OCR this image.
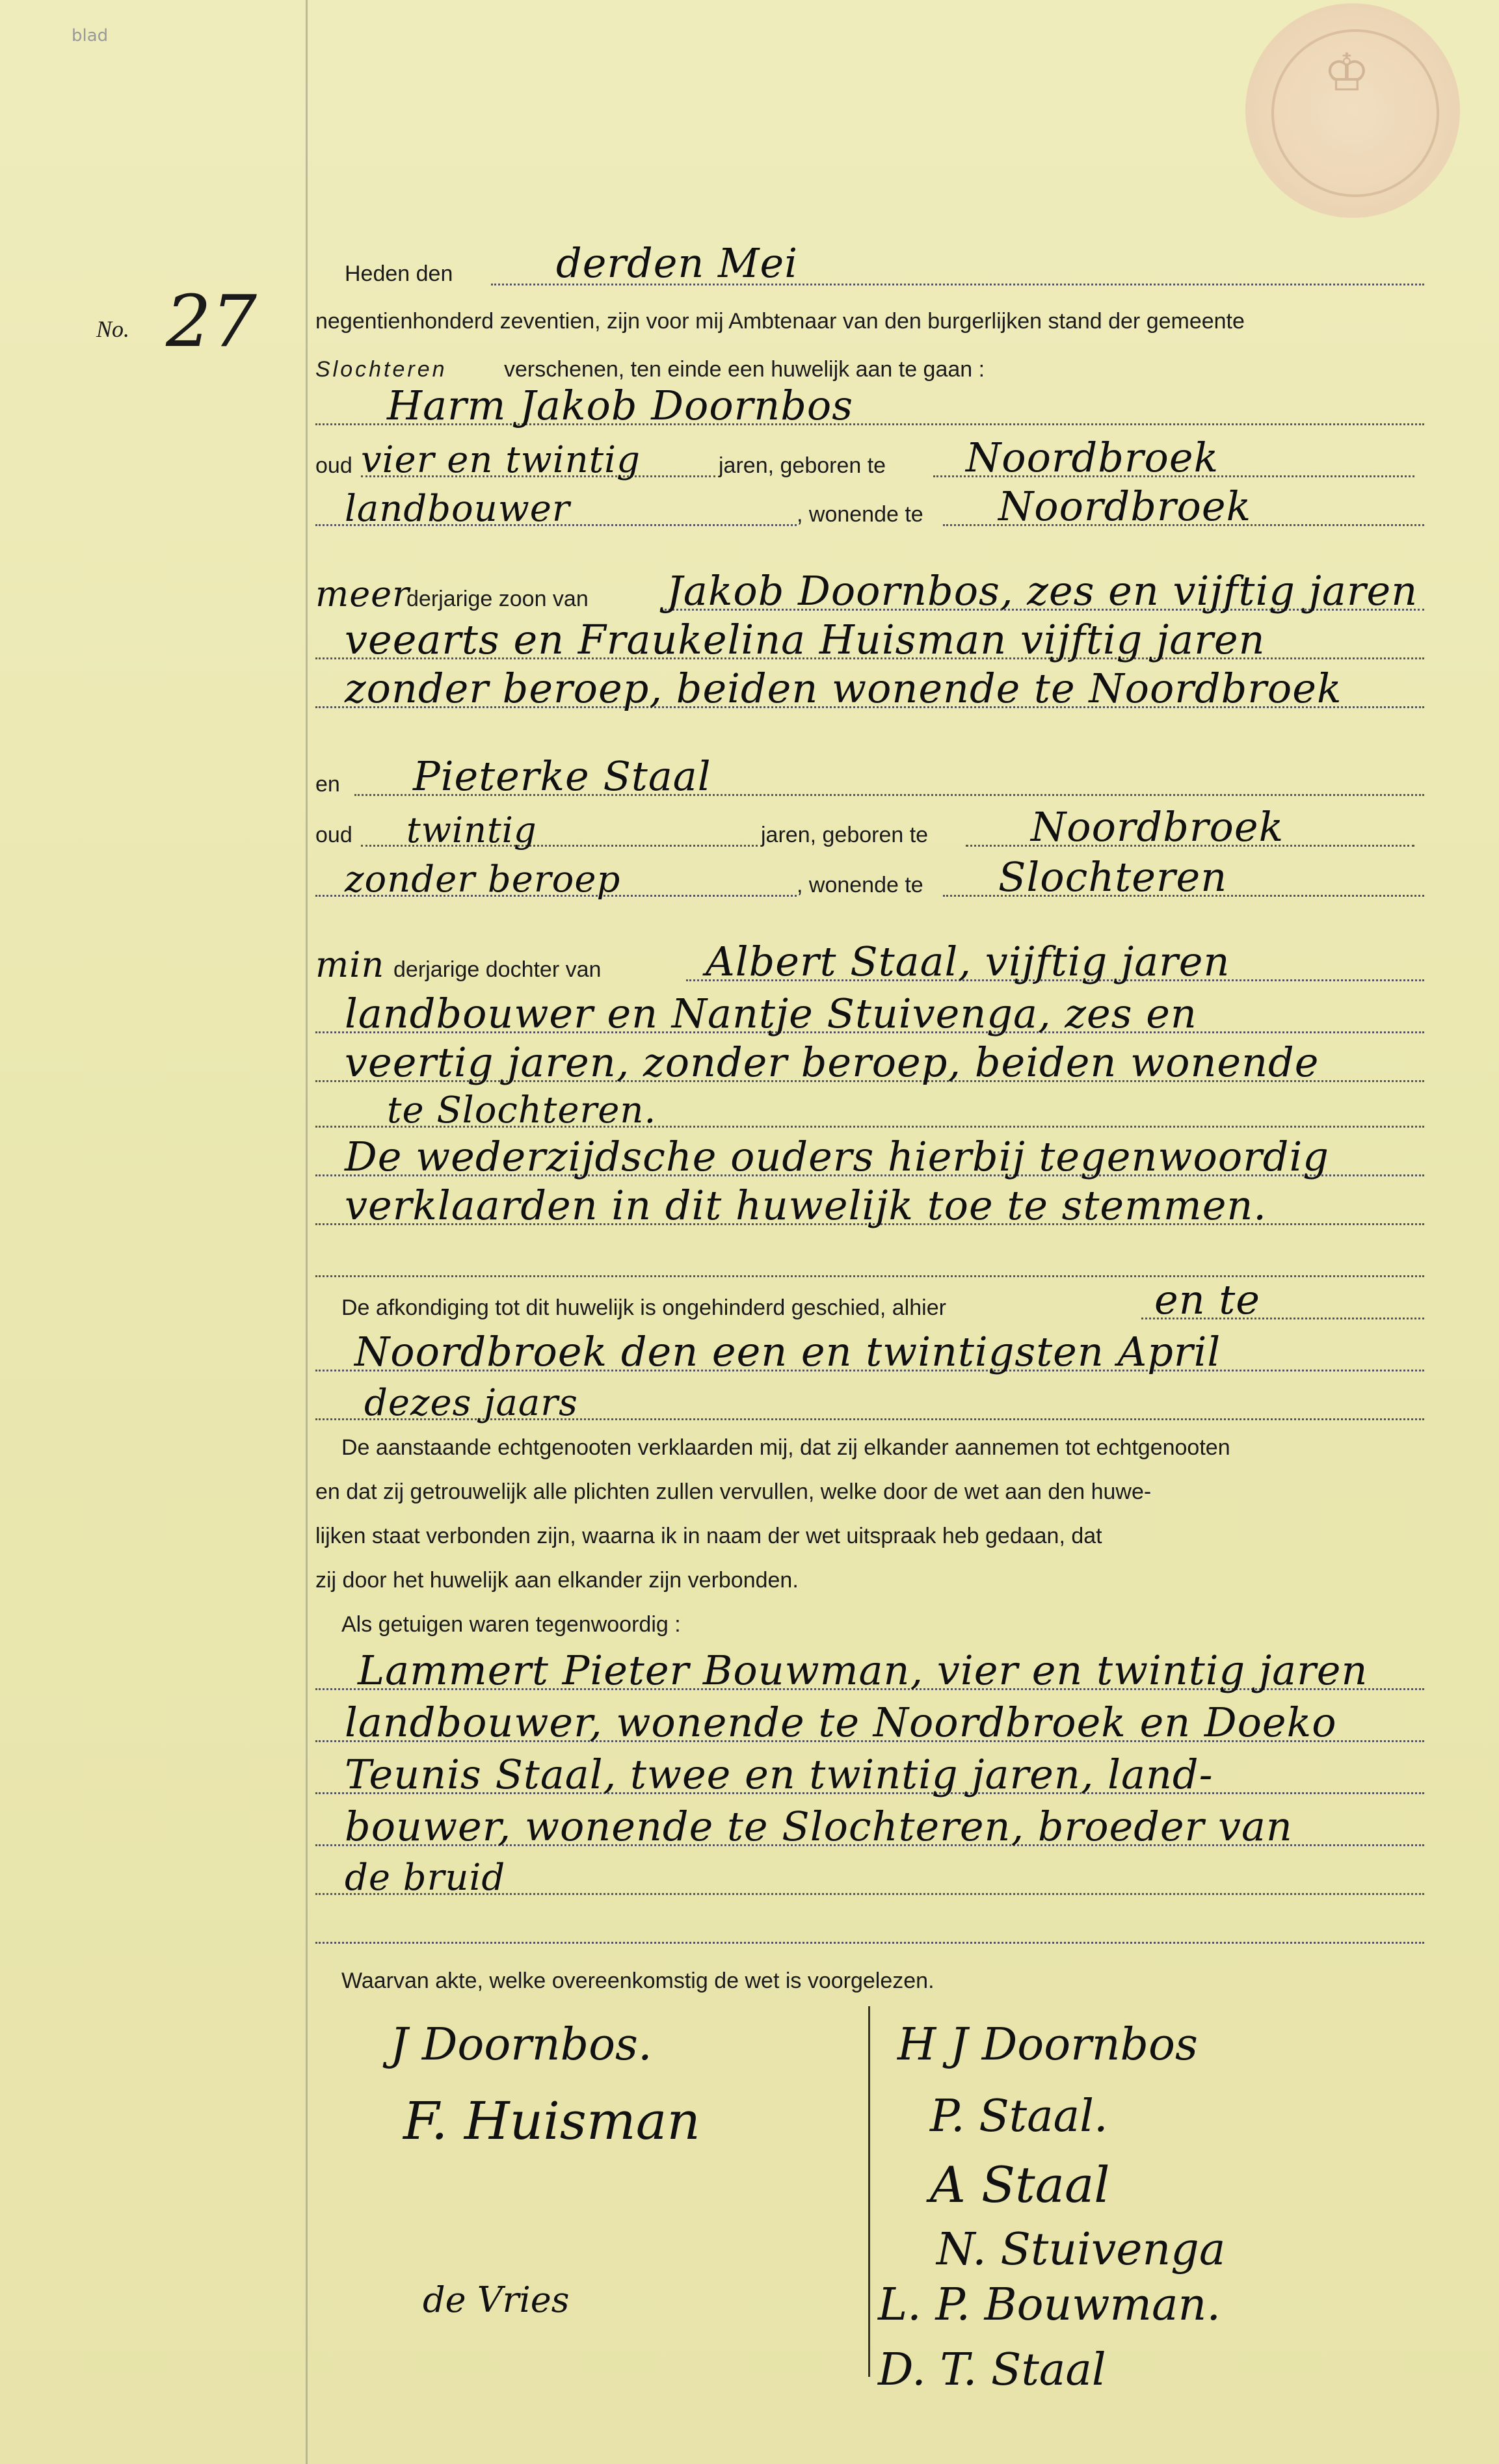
blad
♔
No. 27
Heden den	derden Mei
negentienhonderd zeventien, zijn voor mij Ambtenaar van den burgerlijken stand der gemeente
Slochteren	verschenen, ten einde een huwelijk aan te gaan :
Harm Jakob Doornbos
oud vier en twintig	jaren, geboren te Noordbroek
landbouwer	, wonende te Noordbroek
meer
derjarige zoon van Jakob Doornbos, zes en vijftig jaren
veearts en Fraukelina Huisman vijftig jaren
zonder beroep, beiden wonende te Noordbroek
en Pieterke Staal
oud twintig	jaren, geboren te	Noordbroek
zonder beroep	, wonende te Slochteren
min derjarige dochter van	Albert Staal, vijftig jaren
landbouwer en Nantje Stuivenga, zes en
veertig jaren, zonder beroep, beiden wonende
te Slochteren.
De wederzijdsche ouders hierbij tegenwoordig
verklaarden in dit huwelijk toe te stemmen.
De afkondiging tot dit huwelijk is ongehinderd geschied, alhier	en te
Noordbroek den een en twintigsten April
dezes jaars
De aanstaande echtgenooten verklaarden mij, dat zij elkander aannemen tot echtgenooten
en dat zij getrouwelijk alle plichten zullen vervullen, welke door de wet aan den huwe-
lijken staat verbonden zijn, waarna ik in naam der wet uitspraak heb gedaan, dat
zij door het huwelijk aan elkander zijn verbonden.
Als getuigen waren tegenwoordig :
Lammert Pieter Bouwman, vier en twintig jaren
landbouwer, wonende te Noordbroek en Doeko
Teunis Staal, twee en twintig jaren, land-
bouwer, wonende te Slochteren, broeder van
de bruid
Waarvan akte, welke overeenkomstig de wet is voorgelezen.
J Doornbos.
F. Huisman
de Vries
H J Doornbos
P. Staal.
A Staal
N. Stuivenga
L. P. Bouwman.
D. T. Staal
